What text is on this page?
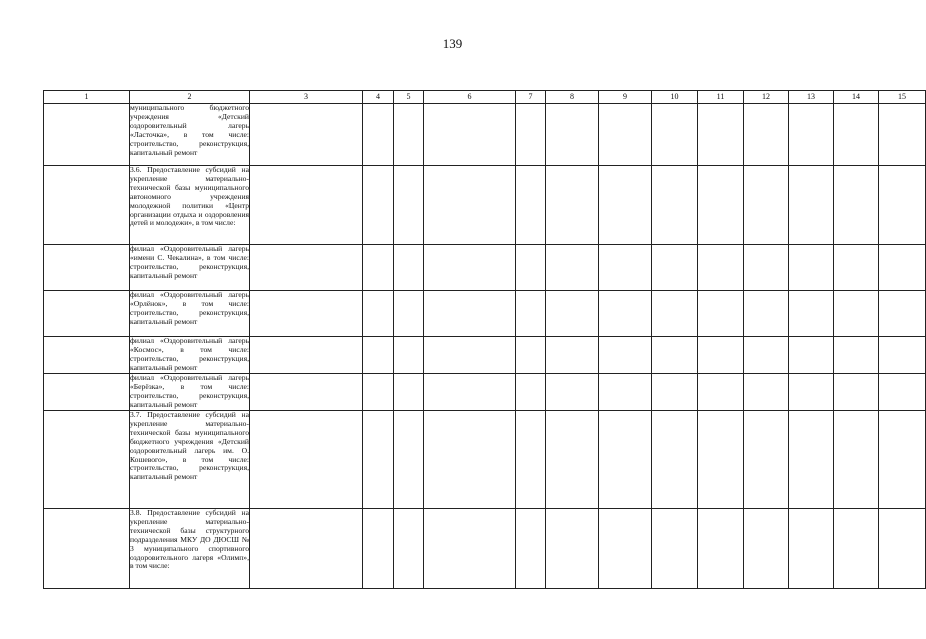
139
1	2	3	4	5	6	7	8	9	10	11	12	13	14	15

	муниципального бюджетного учреждения «Детский оздоровительный лагерь «Ласточка», в том числе: строительство, реконструкция, капитальный ремонт													

	3.6. Предоставление субсидий на укрепление материально-технической базы муниципального автономного учреждения молодежной политики «Центр организации отдыха и оздоровления детей и молодежи», в том числе:													

	филиал «Оздоровительный лагерь «имени С. Чекалина», в том числе: строительство, реконструкция, капитальный ремонт													

	филиал «Оздоровительный лагерь «Орлёнок», в том числе: строительство, реконструкция, капитальный ремонт													

	филиал «Оздоровительный лагерь «Космос», в том числе: строительство, реконструкция, капитальный ремонт													

	филиал «Оздоровительный лагерь «Берёзка», в том числе: строительство, реконструкция, капитальный ремонт													

	3.7. Предоставление субсидий на укрепление материально-технической базы муниципального бюджетного учреждения «Детский оздоровительный лагерь им. О. Кошевого», в том числе: строительство, реконструкция, капитальный ремонт													

	3.8. Предоставление субсидий на укрепление материально-технической базы структурного подразделения МКУ ДО ДЮСШ № 3 муниципального спортивного оздоровительного лагеря «Олимп», в том числе:													
